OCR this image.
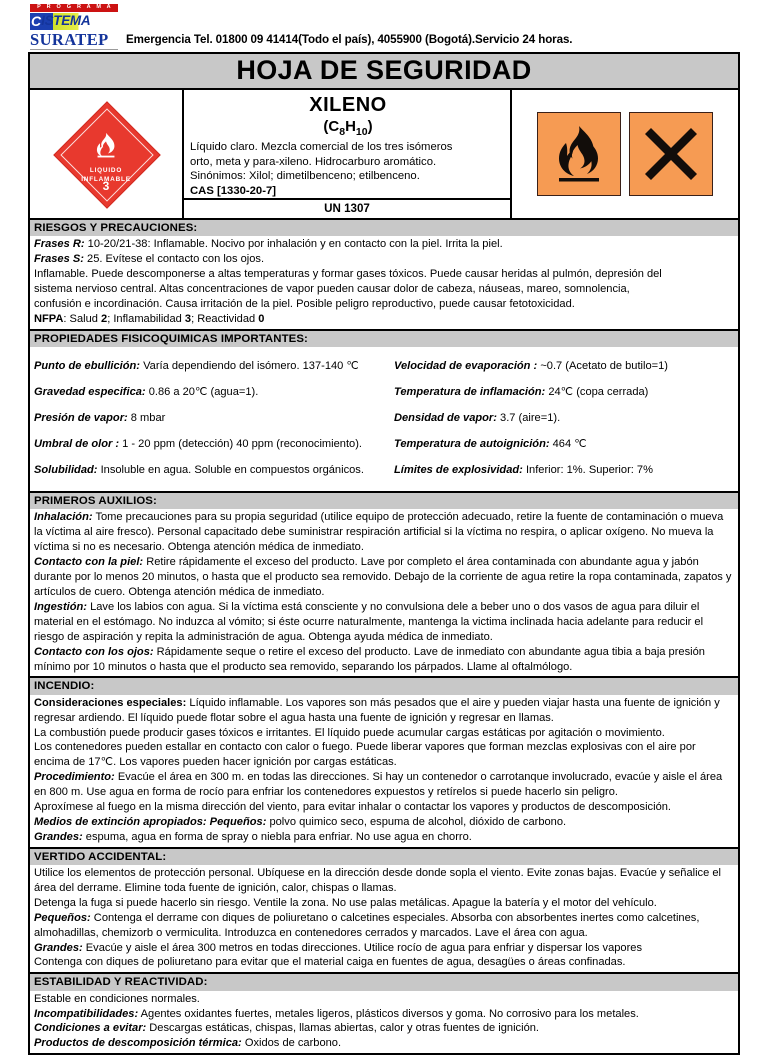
P R O G R A M A
C ISTEMA
SURATEP	Emergencia Tel. 01800 09 41414(Todo el país), 4055900 (Bogotá).Servicio 24 horas.
HOJA DE SEGURIDAD
LIQUIDO
INFLAMABLE
3
XILENO
$(C_8H_{10})$
Líquido claro. Mezcla comercial de los tres isómeros
orto, meta y para-xileno. Hidrocarburo aromático.
Sinónimos: Xilol; dimetilbenceno; etilbenceno.
CAS [1330-20-7]
UN 1307
RIESGOS Y PRECAUCIONES:

Frases R: 10-20/21-38: Inflamable. Nocivo por inhalación y en contacto con la piel. Irrita la piel.

Frases S: 25. Evítese el contacto con los ojos.

Inflamable. Puede descomponerse a altas temperaturas y formar gases tóxicos. Puede causar heridas al pulmón, depresión del

sistema nervioso central. Altas concentraciones de vapor pueden causar dolor de cabeza, náuseas, mareo, somnolencia,

confusión e incordinación. Causa irritación de la piel. Posible peligro reproductivo, puede causar fetotoxicidad.

NFPA: Salud 2; Inflamabilidad 3; Reactividad 0

PROPIEDADES FISICOQUIMICAS IMPORTANTES:

Punto de ebullición: Varía dependiendo del isómero. 137-140 ℃

Gravedad especifica: 0.86 a 20℃ (agua=1).

Presión de vapor: 8 mbar

Umbral de olor : 1 - 20 ppm (detección) 40 ppm (reconocimiento).

Solubilidad: Insoluble en agua. Soluble en compuestos orgánicos.

Velocidad de evaporación : ~0.7 (Acetato de butilo=1)

Temperatura de inflamación: 24℃ (copa cerrada)

Densidad de vapor: 3.7 (aire=1).

Temperatura de autoignición: 464 ℃

Límites de explosividad: Inferior: 1%. Superior: 7%

PRIMEROS AUXILIOS:

Inhalación: Tome precauciones para su propia seguridad (utilice equipo de protección adecuado, retire la fuente de contaminación o mueva la víctima al aire fresco). Personal capacitado debe suministrar respiración artificial si la víctima no respira, o aplicar oxígeno. No mueva la víctima si no es necesario. Obtenga atención médica de inmediato.

Contacto con la piel: Retire rápidamente el exceso del producto. Lave por completo el área contaminada con abundante agua y jabón durante por lo menos 20 minutos, o hasta que el producto sea removido. Debajo de la corriente de agua retire la ropa contaminada, zapatos y artículos de cuero. Obtenga atención médica de inmediato.

Ingestión: Lave los labios con agua. Si la víctima está consciente y no convulsiona dele a beber uno o dos vasos de agua para diluir el material en el estómago. No induzca al vómito; si éste ocurre naturalmente, mantenga la victima inclinada hacia adelante para reducir el riesgo de aspiración y repita la administración de agua. Obtenga ayuda médica de inmediato.

Contacto con los ojos: Rápidamente seque o retire el exceso del producto. Lave de inmediato con abundante agua tibia a baja presión mínimo por 10 minutos o hasta que el producto sea removido, separando los párpados. Llame al oftalmólogo.

INCENDIO:

Consideraciones especiales: Líquido inflamable. Los vapores son más pesados que el aire y pueden viajar hasta una fuente de ignición y regresar ardiendo. El líquido puede flotar sobre el agua hasta una fuente de ignición y regresar en llamas.

La combustión puede producir gases tóxicos e irritantes. El líquido puede acumular cargas estáticas por agitación o movimiento.

Los contenedores pueden estallar en contacto con calor o fuego. Puede liberar vapores que forman mezclas explosivas con el aire por encima de 17℃. Los vapores pueden hacer ignición por cargas estáticas.

Procedimiento: Evacúe el área en 300 m. en todas las direcciones. Si hay un contenedor o carrotanque involucrado, evacúe y aisle el área en 800 m. Use agua en forma de rocío para enfriar los contenedores expuestos y retírelos si puede hacerlo sin peligro.

Aproxímese al fuego en la misma dirección del viento, para evitar inhalar o contactar los vapores y productos de descomposición.

Medios de extinción apropiados: Pequeños: polvo quimico seco, espuma de alcohol, dióxido de carbono.

Grandes: espuma, agua en forma de spray o niebla para enfriar. No use agua en chorro.

VERTIDO ACCIDENTAL:

Utilice los elementos de protección personal. Ubíquese en la dirección desde donde sopla el viento. Evite zonas bajas. Evacúe y señalice el área del derrame. Elimine toda fuente de ignición, calor, chispas o llamas.

Detenga la fuga si puede hacerlo sin riesgo. Ventile la zona. No use palas metálicas. Apague la batería y el motor del vehículo.

Pequeños: Contenga el derrame con diques de poliuretano o calcetines especiales. Absorba con absorbentes inertes como calcetines, almohadillas, chemizorb o vermiculita. Introduzca en contenedores cerrados y marcados. Lave el área con agua.

Grandes: Evacúe y aisle el área 300 metros en todas direcciones. Utilice rocío de agua para enfriar y dispersar los vapores

Contenga con diques de poliuretano para evitar que el material caiga en fuentes de agua, desagües o áreas confinadas.

ESTABILIDAD Y REACTIVIDAD:

Estable en condiciones normales.

Incompatibilidades: Agentes oxidantes fuertes, metales ligeros, plásticos diversos y goma. No corrosivo para los metales.

Condiciones a evitar: Descargas estáticas, chispas, llamas abiertas, calor y otras fuentes de ignición.

Productos de descomposición térmica: Oxidos de carbono.
